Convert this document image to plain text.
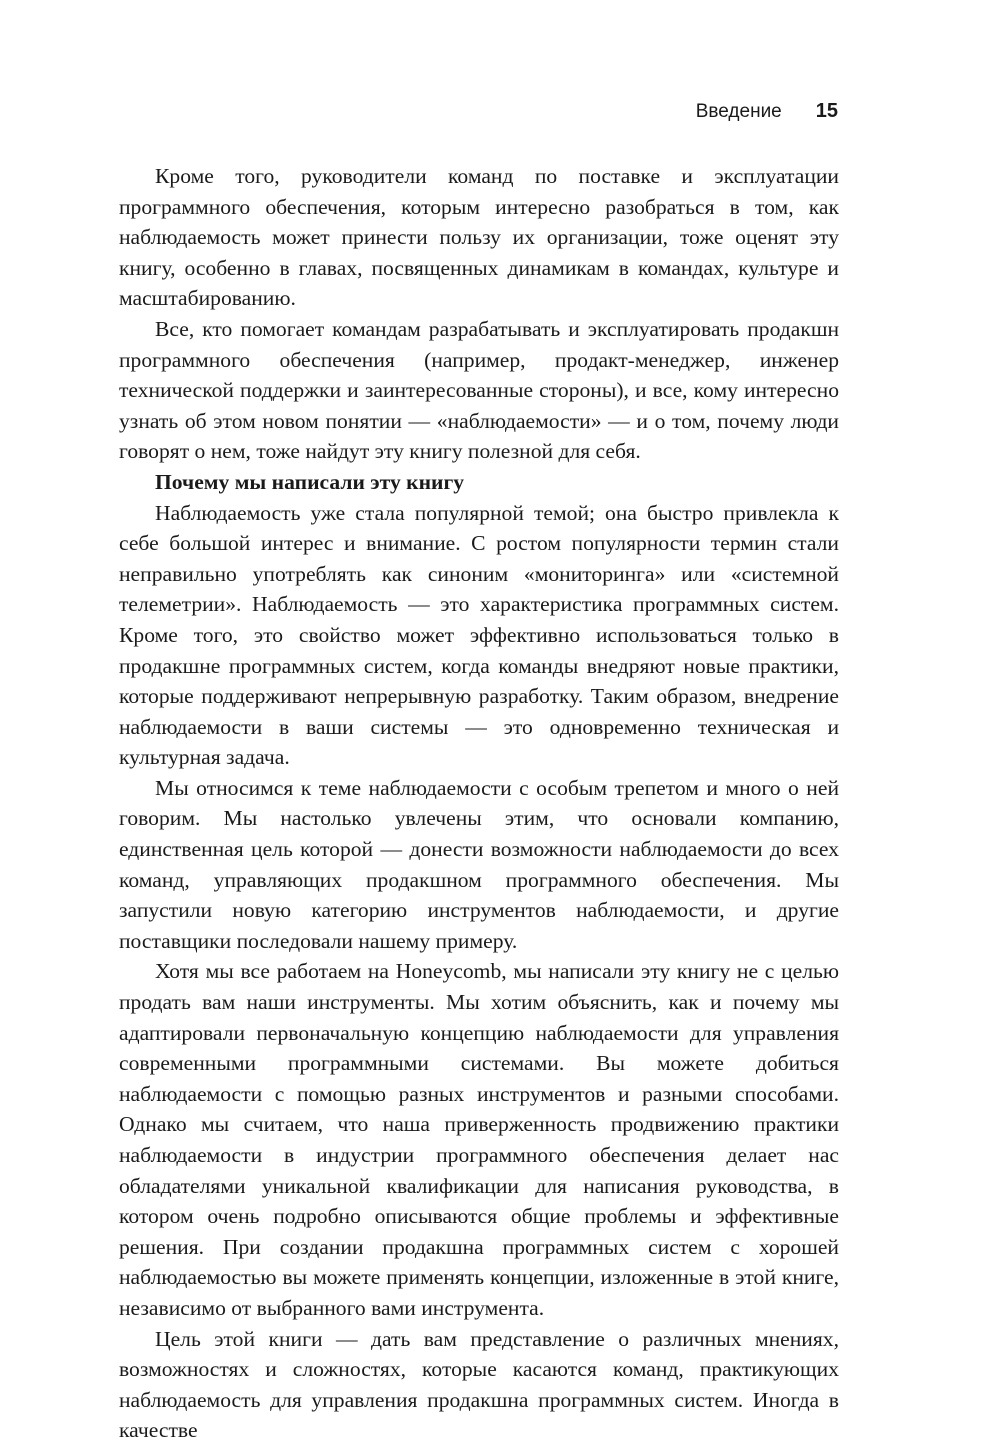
Введение 15

Кроме того, руководители команд по поставке и эксплуатации программного обеспечения, которым интересно разобраться в том, как наблюдаемость может принести пользу их организации, тоже оценят эту книгу, особенно в главах, посвященных динамикам в командах, культуре и масштабированию.

Все, кто помогает командам разрабатывать и эксплуатировать продакшн программного обеспечения (например, продакт-менеджер, инженер технической поддержки и заинтересованные стороны), и все, кому интересно узнать об этом новом понятии — «наблюдаемости» — и о том, почему люди говорят о нем, тоже найдут эту книгу полезной для себя.

Почему мы написали эту книгу

Наблюдаемость уже стала популярной темой; она быстро привлекла к себе большой интерес и внимание. С ростом популярности термин стали неправильно употреблять как синоним «мониторинга» или «системной телеметрии». Наблюдаемость — это характеристика программных систем. Кроме того, это свойство может эффективно использоваться только в продакшне программных систем, когда команды внедряют новые практики, которые поддерживают непрерывную разработку. Таким образом, внедрение наблюдаемости в ваши системы — это одновременно техническая и культурная задача.

Мы относимся к теме наблюдаемости с особым трепетом и много о ней говорим. Мы настолько увлечены этим, что основали компанию, единственная цель которой — донести возможности наблюдаемости до всех команд, управляющих продакшном программного обеспечения. Мы запустили новую категорию инструментов наблюдаемости, и другие поставщики последовали нашему примеру.

Хотя мы все работаем на Honeycomb, мы написали эту книгу не с целью продать вам наши инструменты. Мы хотим объяснить, как и почему мы адаптировали первоначальную концепцию наблюдаемости для управления современными программными системами. Вы можете добиться наблюдаемости с помощью разных инструментов и разными способами. Однако мы считаем, что наша приверженность продвижению практики наблюдаемости в индустрии программного обеспечения делает нас обладателями уникальной квалификации для написания руководства, в котором очень подробно описываются общие проблемы и эффективные решения. При создании продакшна программных систем с хорошей наблюдаемостью вы можете применять концепции, изложенные в этой книге, независимо от выбранного вами инструмента.

Цель этой книги — дать вам представление о различных мнениях, возможностях и сложностях, которые касаются команд, практикующих наблюдаемость для управления продакшна программных систем. Иногда в качестве
